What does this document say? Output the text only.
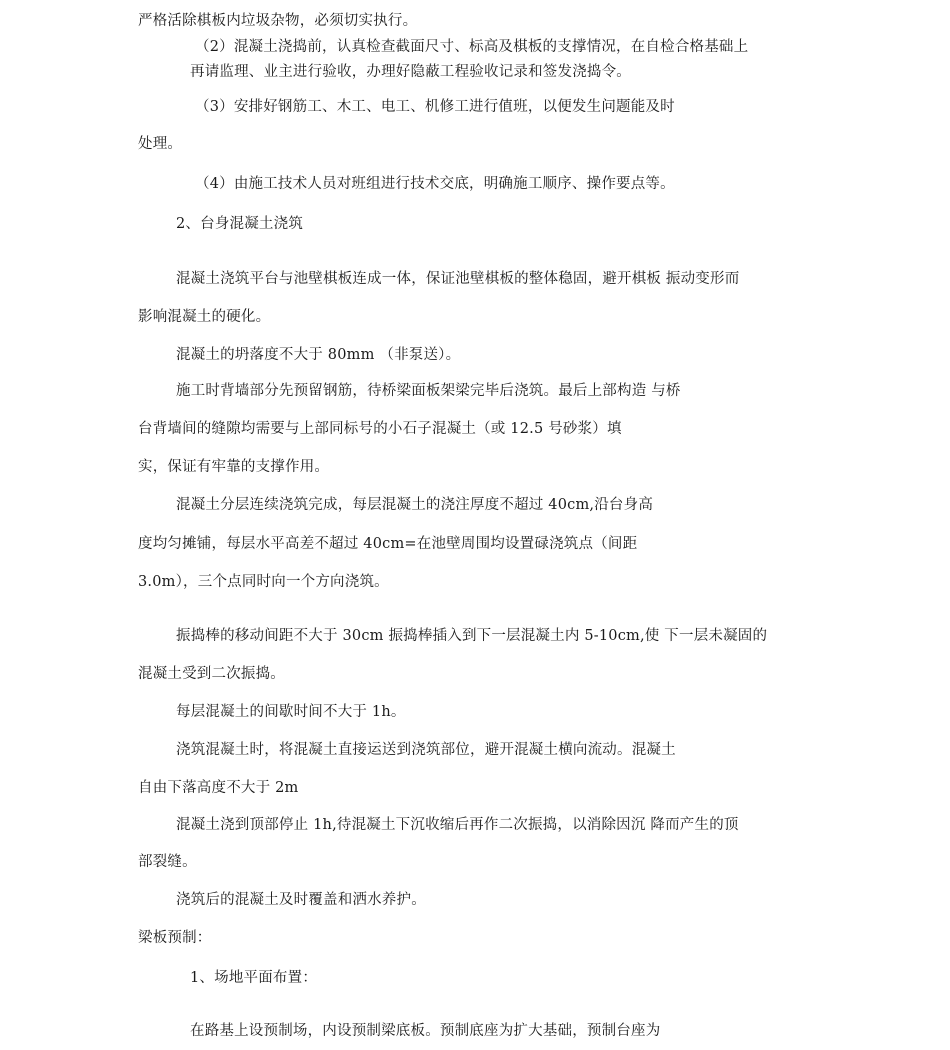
严格活除棋板内垃圾杂物，必须切实执行。
（2）混凝土浇捣前，认真检查截面尺寸、标高及棋板的支撑情况，在自检合格基础上
再请监理、业主进行验收，办理好隐蔽工程验收记录和签发浇捣令。
（3）安排好钢筋工、木工、电工、机修工进行值班，以便发生问题能及时
处理。
（4）由施工技术人员对班组进行技术交底，明确施工顺序、操作要点等。
2、台身混凝土浇筑
混凝土浇筑平台与池壁棋板连成一体，保证池壁棋板的整体稳固，避开棋板 振动变形而
影响混凝土的硬化。
混凝土的坍落度不大于 80mm （非泵送）。
施工时背墙部分先预留钢筋，待桥梁面板架梁完毕后浇筑。最后上部构造 与桥
台背墙间的缝隙均需要与上部同标号的小石子混凝土（或 12.5 号砂浆）填
实，保证有牢靠的支撑作用。
混凝土分层连续浇筑完成，每层混凝土的浇注厚度不超过 40cm,沿台身高
度均匀摊铺，每层水平高差不超过 40cm=在池壁周围均设置碌浇筑点（间距
3.0m），三个点同时向一个方向浇筑。
振捣棒的移动间距不大于 30cm 振捣棒插入到下一层混凝土内 5-10cm,使 下一层未凝固的
混凝土受到二次振捣。
每层混凝土的间歇时间不大于 1h。
浇筑混凝土时，将混凝土直接运送到浇筑部位，避开混凝土横向流动。混凝土
自由下落高度不大于 2m
混凝土浇到顶部停止 1h,待混凝土下沉收缩后再作二次振捣，以消除因沉 降而产生的顶
部裂缝。
浇筑后的混凝土及时覆盖和洒水养护。
梁板预制：
1、场地平面布置：
在路基上设预制场，内设预制梁底板。预制底座为扩大基础，预制台座为
